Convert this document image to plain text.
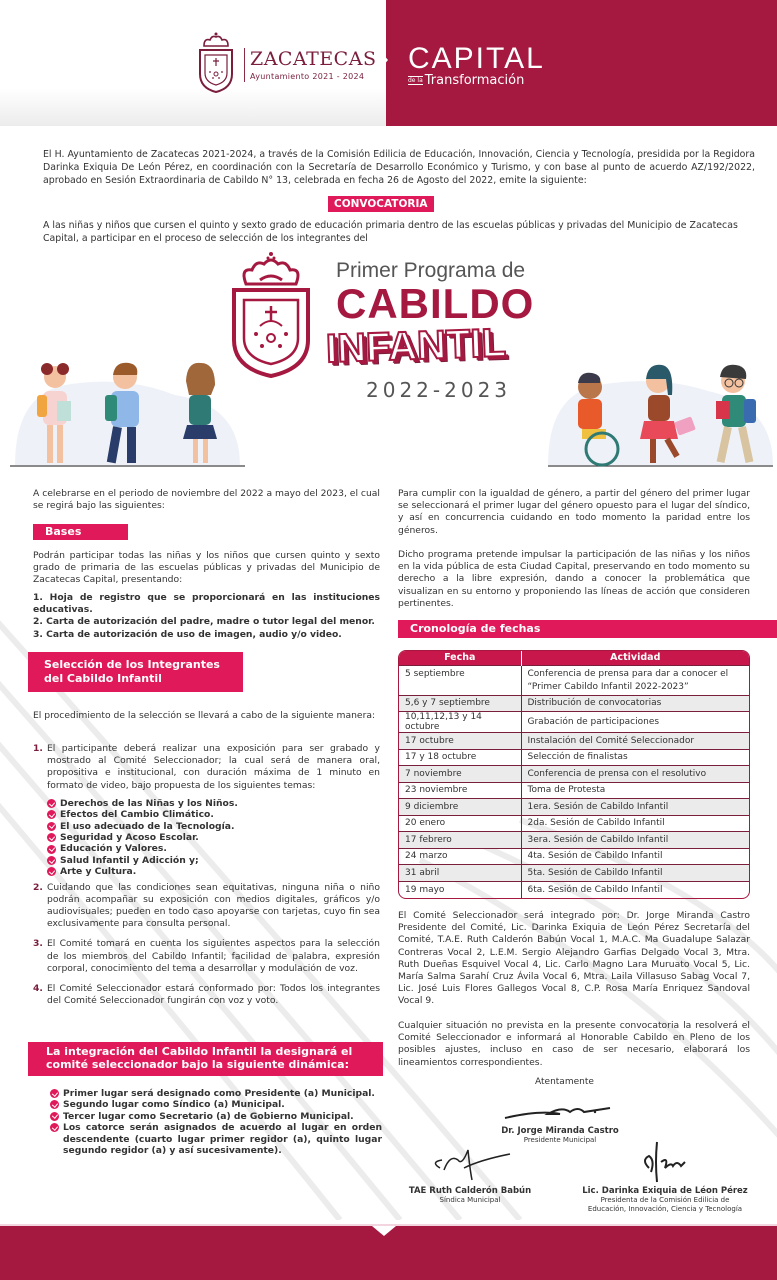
ZACATECAS
Ayuntamiento 2021 - 2024
CAPITAL
de la Transformación

El H. Ayuntamiento de Zacatecas 2021-2024, a través de la Comisión Edilicia de Educación, Innovación, Ciencia y Tecnología, presidida por la Regidora Darinka Exiquia De León Pérez, en coordinación con la Secretaría de Desarrollo Económico y Turismo, y con base al punto de acuerdo AZ/192/2022, aprobado en Sesión Extraordinaria de Cabildo N° 13, celebrada en fecha 26 de Agosto del 2022, emite la siguiente:

CONVOCATORIA

A las niñas y niños que cursen el quinto y sexto grado de educación primaria dentro de las escuelas públicas y privadas del Municipio de Zacatecas Capital, a participar en el proceso de selección de los integrantes del

Primer Programa de
CABILDO
INFANTIL
2022-2023

A celebrarse en el periodo de noviembre del 2022 a mayo del 2023, el cual se regirá bajo las siguientes:

Bases

Podrán participar todas las niñas y los niños que cursen quinto y sexto grado de primaria de las escuelas públicas y privadas del Municipio de Zacatecas Capital, presentando:

1. Hoja de registro que se proporcionará en las instituciones educativas.
2. Carta de autorización del padre, madre o tutor legal del menor.
3. Carta de autorización de uso de imagen, audio y/o video.
Selección de los Integrantes
del Cabildo Infantil

El procedimiento de la selección se llevará a cabo de la siguiente manera:

1. El participante deberá realizar una exposición para ser grabado y mostrado al Comité Seleccionador; la cual será de manera oral, propositiva e institucional, con duración máxima de 1 minuto en formato de video, bajo propuesta de los siguientes temas:
Derechos de las Niñas y los Niños.
Efectos del Cambio Climático.
El uso adecuado de la Tecnología.
Seguridad y Acoso Escolar.
Educación y Valores.
Salud Infantil y Adicción y;
Arte y Cultura.
2. Cuidando que las condiciones sean equitativas, ninguna niña o niño podrán acompañar su exposición con medios digitales, gráficos y/o audiovisuales; pueden en todo caso apoyarse con tarjetas, cuyo fin sea exclusivamente para consulta personal.
3. El Comité tomará en cuenta los siguientes aspectos para la selección de los miembros del Cabildo Infantil; facilidad de palabra, expresión corporal, conocimiento del tema a desarrollar y modulación de voz.
4. El Comité Seleccionador estará conformado por: Todos los integrantes del Comité Seleccionador fungirán con voz y voto.
La integración del Cabildo Infantil la designará el comité seleccionador bajo la siguiente dinámica:
Primer lugar será designado como Presidente (a) Municipal.
Segundo lugar como Síndico (a) Municipal.
Tercer lugar como Secretario (a) de Gobierno Municipal.
Los catorce serán asignados de acuerdo al lugar en orden descendente (cuarto lugar primer regidor (a), quinto lugar segundo regidor (a) y así sucesivamente).

Para cumplir con la igualdad de género, a partir del género del primer lugar se seleccionará el primer lugar del género opuesto para el lugar del síndico, y así en concurrencia cuidando en todo momento la paridad entre los géneros.

Dicho programa pretende impulsar la participación de las niñas y los niños en la vida pública de esta Ciudad Capital, preservando en todo momento su derecho a la libre expresión, dando a conocer la problemática que visualizan en su entorno y proponiendo las líneas de acción que consideren pertinentes.

Cronología de fechas
Fecha	Actividad
5 septiembre	Conferencia de prensa para dar a conocer el “Primer Cabildo Infantil 2022-2023”
5,6 y 7 septiembre	Distribución de convocatorias
10,11,12,13 y 14 octubre	Grabación de participaciones
17 octubre	Instalación del Comité Seleccionador
17 y 18 octubre	Selección de finalistas
7 noviembre	Conferencia de prensa con el resolutivo
23 noviembre	Toma de Protesta
9 diciembre	1era. Sesión de Cabildo Infantil
20 enero	2da. Sesión de Cabildo Infantil
17 febrero	3era. Sesión de Cabildo Infantil
24 marzo	4ta. Sesión de Cabildo Infantil
31 abril	5ta. Sesión de Cabildo Infantil
19 mayo	6ta. Sesión de Cabildo Infantil

El Comité Seleccionador será integrado por: Dr. Jorge Miranda Castro Presidente del Comité, Lic. Darinka Exiquia de León Pérez Secretaría del Comité, T.A.E. Ruth Calderón Babún Vocal 1, M.A.C. Ma Guadalupe Salazar Contreras Vocal 2, L.E.M. Sergio Alejandro Garfias Delgado Vocal 3, Mtra. Ruth Dueñas Esquivel Vocal 4, Lic. Carlo Magno Lara Muruato Vocal 5, Lic. María Salma Sarahí Cruz Ávila Vocal 6, Mtra. Laila Villasuso Sabag Vocal 7, Lic. José Luis Flores Gallegos Vocal 8, C.P. Rosa María Enriquez Sandoval Vocal 9.

Cualquier situación no prevista en la presente convocatoria la resolverá el Comité Seleccionador e informará al Honorable Cabildo en Pleno de los posibles ajustes, incluso en caso de ser necesario, elaborará los lineamientos correspondientes.

Atentamente
Dr. Jorge Miranda Castro
Presidente Municipal
TAE Ruth Calderón Babún
Síndica Municipal
Lic. Darinka Exiquia de Léon Pérez
Presidenta de la Comisión Edilicia de
Educación, Innovación, Ciencia y Tecnología
